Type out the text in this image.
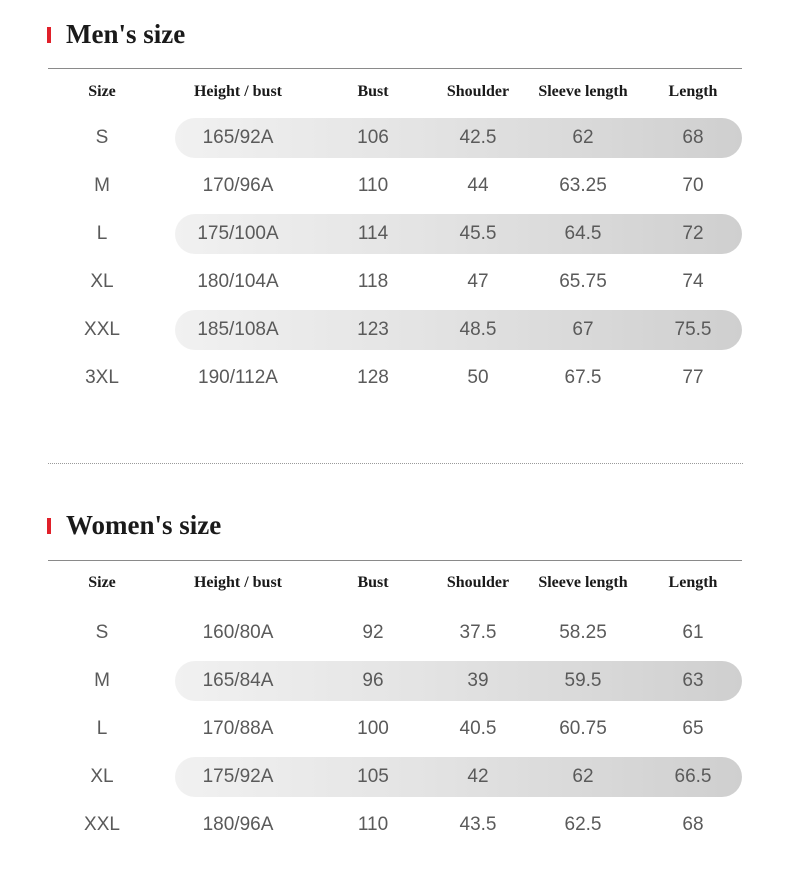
Men's size
Size	Height / bust	Bust	Shoulder	Sleeve length	Length
S	165/92A	106	42.5	62	68
M	170/96A	110	44	63.25	70
L	175/100A	114	45.5	64.5	72
XL	180/104A	118	47	65.75	74
XXL	185/108A	123	48.5	67	75.5
3XL	190/112A	128	50	67.5	77
Women's size
Size	Height / bust	Bust	Shoulder	Sleeve length	Length
S	160/80A	92	37.5	58.25	61
M	165/84A	96	39	59.5	63
L	170/88A	100	40.5	60.75	65
XL	175/92A	105	42	62	66.5
XXL	180/96A	110	43.5	62.5	68
